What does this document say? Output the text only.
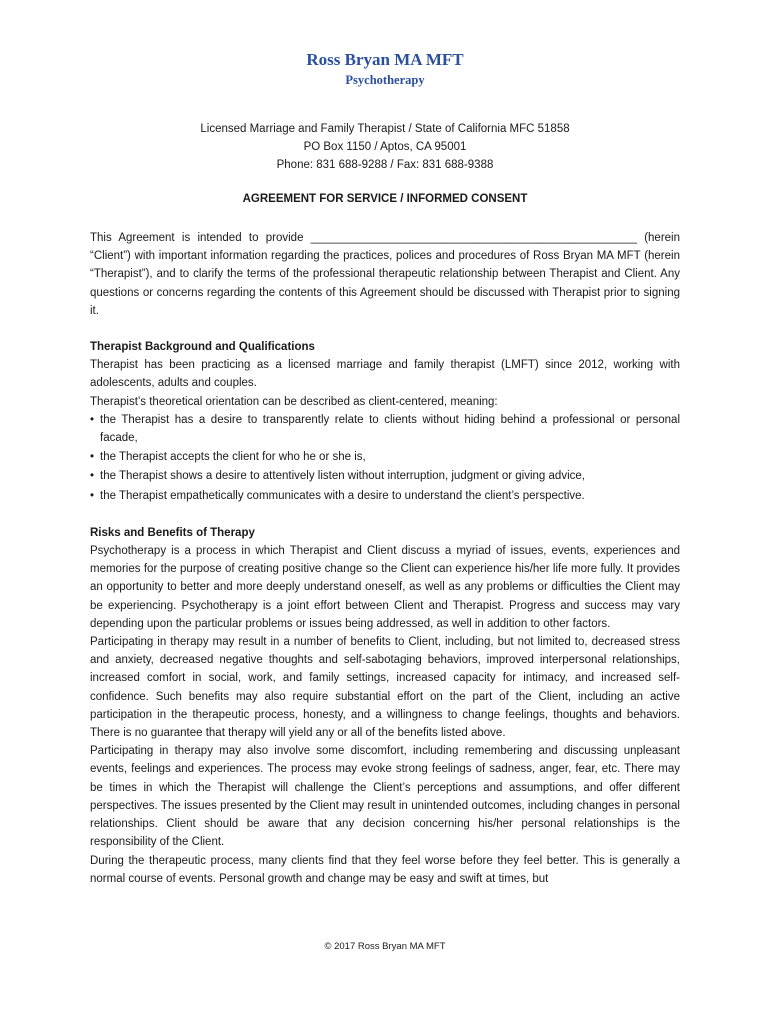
Ross Bryan MA MFT
Psychotherapy
Licensed Marriage and Family Therapist / State of California MFC 51858
PO Box 1150 / Aptos, CA 95001
Phone: 831 688-9288 / Fax: 831 688-9388
AGREEMENT FOR SERVICE / INFORMED CONSENT

This Agreement is intended to provide ___________________________________________________ (herein “Client”) with important information regarding the practices, polices and procedures of Ross Bryan MA MFT (herein “Therapist”), and to clarify the terms of the professional therapeutic relationship between Therapist and Client. Any questions or concerns regarding the contents of this Agreement should be discussed with Therapist prior to signing it.

Therapist Background and Qualifications

Therapist has been practicing as a licensed marriage and family therapist (LMFT) since 2012, working with adolescents, adults and couples.

Therapist’s theoretical orientation can be described as client-centered, meaning:

• the Therapist has a desire to transparently relate to clients without hiding behind a professional or personal facade,
• the Therapist accepts the client for who he or she is,
• the Therapist shows a desire to attentively listen without interruption, judgment or giving advice,
• the Therapist empathetically communicates with a desire to understand the client’s perspective.

Risks and Benefits of Therapy

Psychotherapy is a process in which Therapist and Client discuss a myriad of issues, events, experiences and memories for the purpose of creating positive change so the Client can experience his/her life more fully. It provides an opportunity to better and more deeply understand oneself, as well as any problems or difficulties the Client may be experiencing. Psychotherapy is a joint effort between Client and Therapist. Progress and success may vary depending upon the particular problems or issues being addressed, as well in addition to other factors.

Participating in therapy may result in a number of benefits to Client, including, but not limited to, decreased stress and anxiety, decreased negative thoughts and self-sabotaging behaviors, improved interpersonal relationships, increased comfort in social, work, and family settings, increased capacity for intimacy, and increased self-confidence. Such benefits may also require substantial effort on the part of the Client, including an active participation in the therapeutic process, honesty, and a willingness to change feelings, thoughts and behaviors. There is no guarantee that therapy will yield any or all of the benefits listed above.

Participating in therapy may also involve some discomfort, including remembering and discussing unpleasant events, feelings and experiences. The process may evoke strong feelings of sadness, anger, fear, etc. There may be times in which the Therapist will challenge the Client’s perceptions and assumptions, and offer different perspectives. The issues presented by the Client may result in unintended outcomes, including changes in personal relationships. Client should be aware that any decision concerning his/her personal relationships is the responsibility of the Client.

During the therapeutic process, many clients find that they feel worse before they feel better. This is generally a normal course of events. Personal growth and change may be easy and swift at times, but

© 2017 Ross Bryan MA MFT
